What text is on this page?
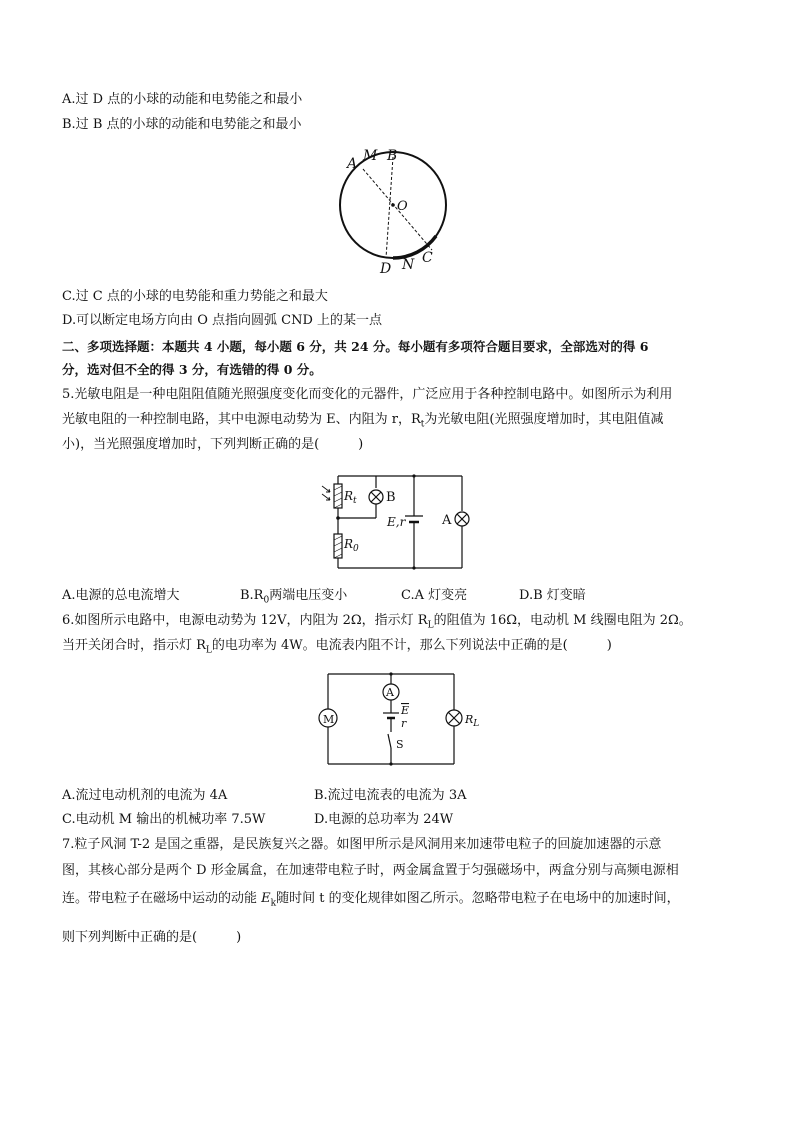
A.过 D 点的小球的动能和电势能之和最小
B.过 B 点的小球的动能和电势能之和最小
A M B
O
D N C
C.过 C 点的小球的电势能和重力势能之和最大
D.可以断定电场方向由 O 点指向圆弧 CND 上的某一点
二、多项选择题：本题共 4 小题，每小题 6 分，共 24 分。每小题有多项符合题目要求，全部选对的得 6
分，选对但不全的得 3 分，有选错的得 0 分。
5.光敏电阻是一种电阻阻值随光照强度变化而变化的元器件，广泛应用于各种控制电路中。如图所示为利用
光敏电阻的一种控制电路，其中电源电动势为 E、内阻为 r，$R_t$为光敏电阻(光照强度增加时，其电阻值减
小)，当光照强度增加时，下列判断正确的是(　　　)
$R_t$ B
E,r	A
$R_0$
A.电源的总电流增大	$B.R_0$两端电压变小	C.A 灯变亮	D.B 灯变暗
6.如图所示电路中，电源电动势为 12V，内阻为 2Ω，指示灯 $R_L$的阻值为 16Ω，电动机 M 线圈电阻为 2Ω。
当开关闭合时，指示灯 $R_L$的电功率为 4W。电流表内阻不计，那么下列说法中正确的是(　　　)
M
A
E
r
S
$R_L$
A.流过电动机剂的电流为 4A	B.流过电流表的电流为 3A
C.电动机 M 输出的机械功率 7.5W	D.电源的总功率为 24W
7.粒子风洞 T-2 是国之重器，是民族复兴之器。如图甲所示是风洞用来加速带电粒子的回旋加速器的示意
图，其核心部分是两个 D 形金属盒，在加速带电粒子时，两金属盒置于匀强磁场中，两盒分别与高频电源相
连。带电粒子在磁场中运动的动能 $E_k$随时间 t 的变化规律如图乙所示。忽略带电粒子在电场中的加速时间，
则下列判断中正确的是(　　　)
